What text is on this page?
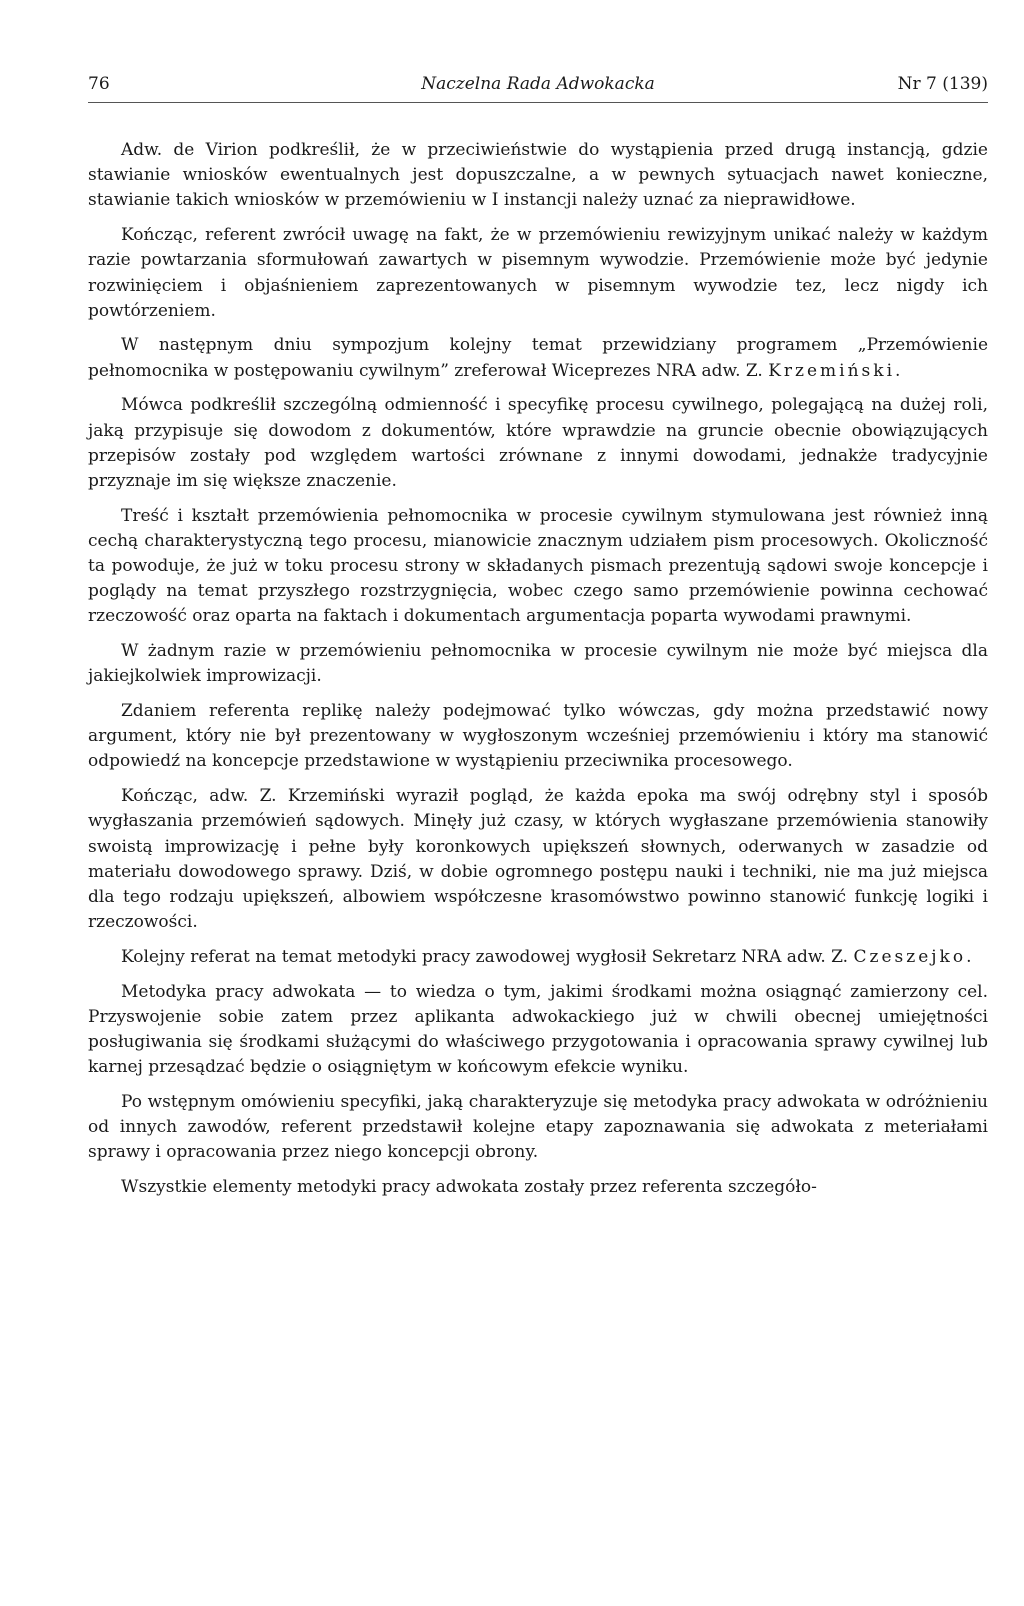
76	Naczelna Rada Adwokacka	Nr 7 (139)

Adw. de Virion podkreślił, że w przeciwieństwie do wystąpienia przed drugą instancją, gdzie stawianie wniosków ewentualnych jest dopuszczalne, a w pewnych sytuacjach nawet konieczne, stawianie takich wniosków w przemówieniu w I instancji należy uznać za nieprawidłowe.

Kończąc, referent zwrócił uwagę na fakt, że w przemówieniu rewizyjnym unikać należy w każdym razie powtarzania sformułowań zawartych w pisemnym wywodzie. Przemówienie może być jedynie rozwinięciem i objaśnieniem zaprezentowanych w pisemnym wywodzie tez, lecz nigdy ich powtórzeniem.

W następnym dniu sympozjum kolejny temat przewidziany programem „Przemówienie pełnomocnika w postępowaniu cywilnym” zreferował Wiceprezes NRA adw. Z. Krzemiński.

Mówca podkreślił szczególną odmienność i specyfikę procesu cywilnego, polegającą na dużej roli, jaką przypisuje się dowodom z dokumentów, które wprawdzie na gruncie obecnie obowiązujących przepisów zostały pod względem wartości zrównane z innymi dowodami, jednakże tradycyjnie przyznaje im się większe znaczenie.

Treść i kształt przemówienia pełnomocnika w procesie cywilnym stymulowana jest również inną cechą charakterystyczną tego procesu, mianowicie znacznym udziałem pism procesowych. Okoliczność ta powoduje, że już w toku procesu strony w składanych pismach prezentują sądowi swoje koncepcje i poglądy na temat przyszłego rozstrzygnięcia, wobec czego samo przemówienie powinna cechować rzeczowość oraz oparta na faktach i dokumentach argumentacja poparta wywodami prawnymi.

W żadnym razie w przemówieniu pełnomocnika w procesie cywilnym nie może być miejsca dla jakiejkolwiek improwizacji.

Zdaniem referenta replikę należy podejmować tylko wówczas, gdy można przedstawić nowy argument, który nie był prezentowany w wygłoszonym wcześniej przemówieniu i który ma stanowić odpowiedź na koncepcje przedstawione w wystąpieniu przeciwnika procesowego.

Kończąc, adw. Z. Krzemiński wyraził pogląd, że każda epoka ma swój odrębny styl i sposób wygłaszania przemówień sądowych. Minęły już czasy, w których wygłaszane przemówienia stanowiły swoistą improwizację i pełne były koronkowych upiększeń słownych, oderwanych w zasadzie od materiału dowodowego sprawy. Dziś, w dobie ogromnego postępu nauki i techniki, nie ma już miejsca dla tego rodzaju upiększeń, albowiem współczesne krasomówstwo powinno stanowić funkcję logiki i rzeczowości.

Kolejny referat na temat metodyki pracy zawodowej wygłosił Sekretarz NRA adw. Z. Czeszejko.

Metodyka pracy adwokata — to wiedza o tym, jakimi środkami można osiągnąć zamierzony cel. Przyswojenie sobie zatem przez aplikanta adwokackiego już w chwili obecnej umiejętności posługiwania się środkami służącymi do właściwego przygotowania i opracowania sprawy cywilnej lub karnej przesądzać będzie o osiągniętym w końcowym efekcie wyniku.

Po wstępnym omówieniu specyfiki, jaką charakteryzuje się metodyka pracy adwokata w odróżnieniu od innych zawodów, referent przedstawił kolejne etapy zapoznawania się adwokata z meteriałami sprawy i opracowania przez niego koncepcji obrony.

Wszystkie elementy metodyki pracy adwokata zostały przez referenta szczegóło-
